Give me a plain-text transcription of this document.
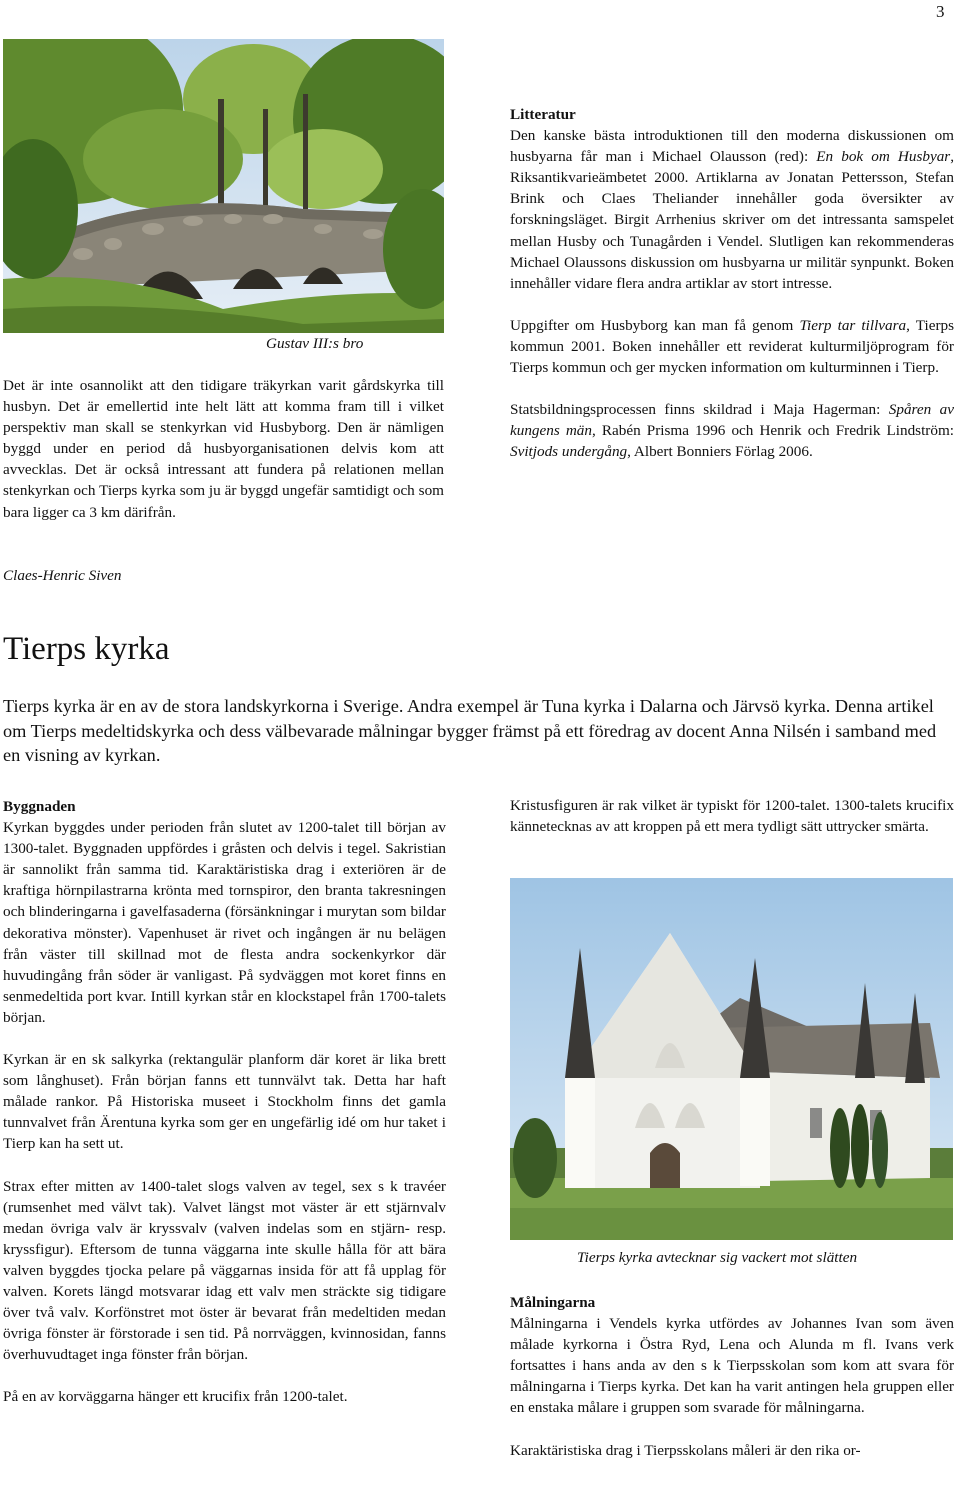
3
Gustav III:s bro

Det är inte osannolikt att den tidigare träkyrkan varit gårdskyrka till husbyn. Det är emellertid inte helt lätt att komma fram till i vilket perspektiv man skall se stenkyrkan vid Husbyborg. Den är nämligen byggd under en period då husbyorganisationen delvis kom att avvecklas. Det är också intressant att fundera på relationen mellan stenkyrkan och Tierps kyrka som ju är byggd ungefär samtidigt och som bara ligger ca 3 km därifrån.

Claes-Henric Siven
Litteratur

Den kanske bästa introduktionen till den moderna diskussionen om husbyarna får man i Michael Olausson (red): En bok om Husbyar, Riksantikvarieämbetet 2000. Artiklarna av Jonatan Pettersson, Stefan Brink och Claes Theliander innehåller goda översikter av forskningsläget. Birgit Arrhenius skriver om det intressanta samspelet mellan Husby och Tunagården i Vendel. Slutligen kan rekommenderas Michael Olaussons diskussion om husbyarna ur militär synpunkt. Boken innehåller vidare flera andra artiklar av stort intresse.

Uppgifter om Husbyborg kan man få genom Tierp tar tillvara, Tierps kommun 2001. Boken innehåller ett reviderat kulturmiljöprogram för Tierps kommun och ger mycken information om kulturminnen i Tierp.

Statsbildningsprocessen finns skildrad i Maja Hagerman: Spåren av kungens män, Rabén Prisma 1996 och Henrik och Fredrik Lindström: Svitjods undergång, Albert Bonniers Förlag 2006.

Tierps kyrka

Tierps kyrka är en av de stora landskyrkorna i Sverige. Andra exempel är Tuna kyrka i Dalarna och Järvsö kyrka. Denna artikel om Tierps medeltidskyrka och dess välbevarade målningar bygger främst på ett föredrag av docent Anna Nilsén i samband med en visning av kyrkan.

Byggnaden

Kyrkan byggdes under perioden från slutet av 1200-talet till början av 1300-talet. Byggnaden uppfördes i gråsten och delvis i tegel. Sakristian är sannolikt från samma tid. Karaktäristiska drag i exteriören är de kraftiga hörnpilastrarna krönta med tornspiror, den branta takresningen och blinderingarna i gavelfasaderna (försänkningar i murytan som bildar dekorativa mönster). Vapenhuset är rivet och ingången är nu belägen från väster till skillnad mot de flesta andra sockenkyrkor där huvudingång från söder är vanligast. På sydväggen mot koret finns en senmedeltida port kvar. Intill kyrkan står en klockstapel från 1700-talets början.

Kyrkan är en sk salkyrka (rektangulär planform där koret är lika brett som långhuset). Från början fanns ett tunnvälvt tak. Detta har haft målade rankor. På Historiska museet i Stockholm finns det gamla tunnvalvet från Ärentuna kyrka som ger en ungefärlig idé om hur taket i Tierp kan ha sett ut.

Strax efter mitten av 1400-talet slogs valven av tegel, sex s k travéer (rumsenhet med välvt tak). Valvet längst mot väster är ett stjärnvalv medan övriga valv är kryssvalv (valven indelas som en stjärn- resp. kryssfigur). Eftersom de tunna väggarna inte skulle hålla för att bära valven byggdes tjocka pelare på väggarnas insida för att få upplag för valven. Korets längd motsvarar idag ett valv men sträckte sig tidigare över två valv. Korfönstret mot öster är bevarat från medeltiden medan övriga fönster är förstorade i sen tid. På norrväggen, kvinnosidan, fanns överhuvudtaget inga fönster från början.

På en av korväggarna hänger ett krucifix från 1200-talet.

Kristusfiguren är rak vilket är typiskt för 1200-talet. 1300-talets krucifix kännetecknas av att kroppen på ett mera tydligt sätt uttrycker smärta.

Tierps kyrka avtecknar sig vackert mot slätten
Målningarna

Målningarna i Vendels kyrka utfördes av Johannes Ivan som även målade kyrkorna i Östra Ryd, Lena och Alunda m fl. Ivans verk fortsattes i hans anda av den s k Tierpsskolan som kom att svara för målningarna i Tierps kyrka. Det kan ha varit antingen hela gruppen eller en enstaka målare i gruppen som svarade för målningarna.

Karaktäristiska drag i Tierpsskolans måleri är den rika or-
